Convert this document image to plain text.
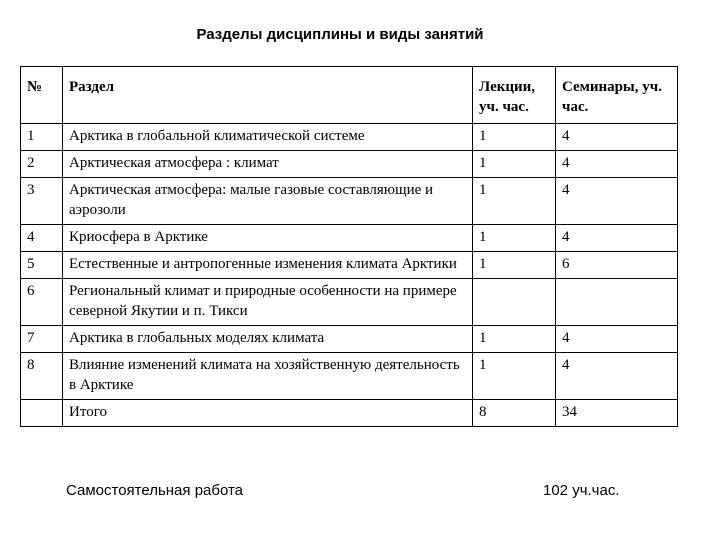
Разделы дисциплины и виды занятий
№	Раздел	Лекции, уч. час.	Семинары, уч. час.
1	Арктика в глобальной климатической системе	1	4
2	Арктическая атмосфера : климат	1	4
3	Арктическая атмосфера: малые газовые составляющие и аэрозоли	1	4
4	Криосфера в Арктике	1	4
5	Естественные и антропогенные изменения климата Арктики	1	6
6	Региональный климат и природные особенности на примере северной Якутии и п. Тикси		
7	Арктика в глобальных моделях климата	1	4
8	Влияние изменений климата на хозяйственную деятельность в Арктике	1	4
	Итого	8	34
Самостоятельная работа	102 уч.час.
